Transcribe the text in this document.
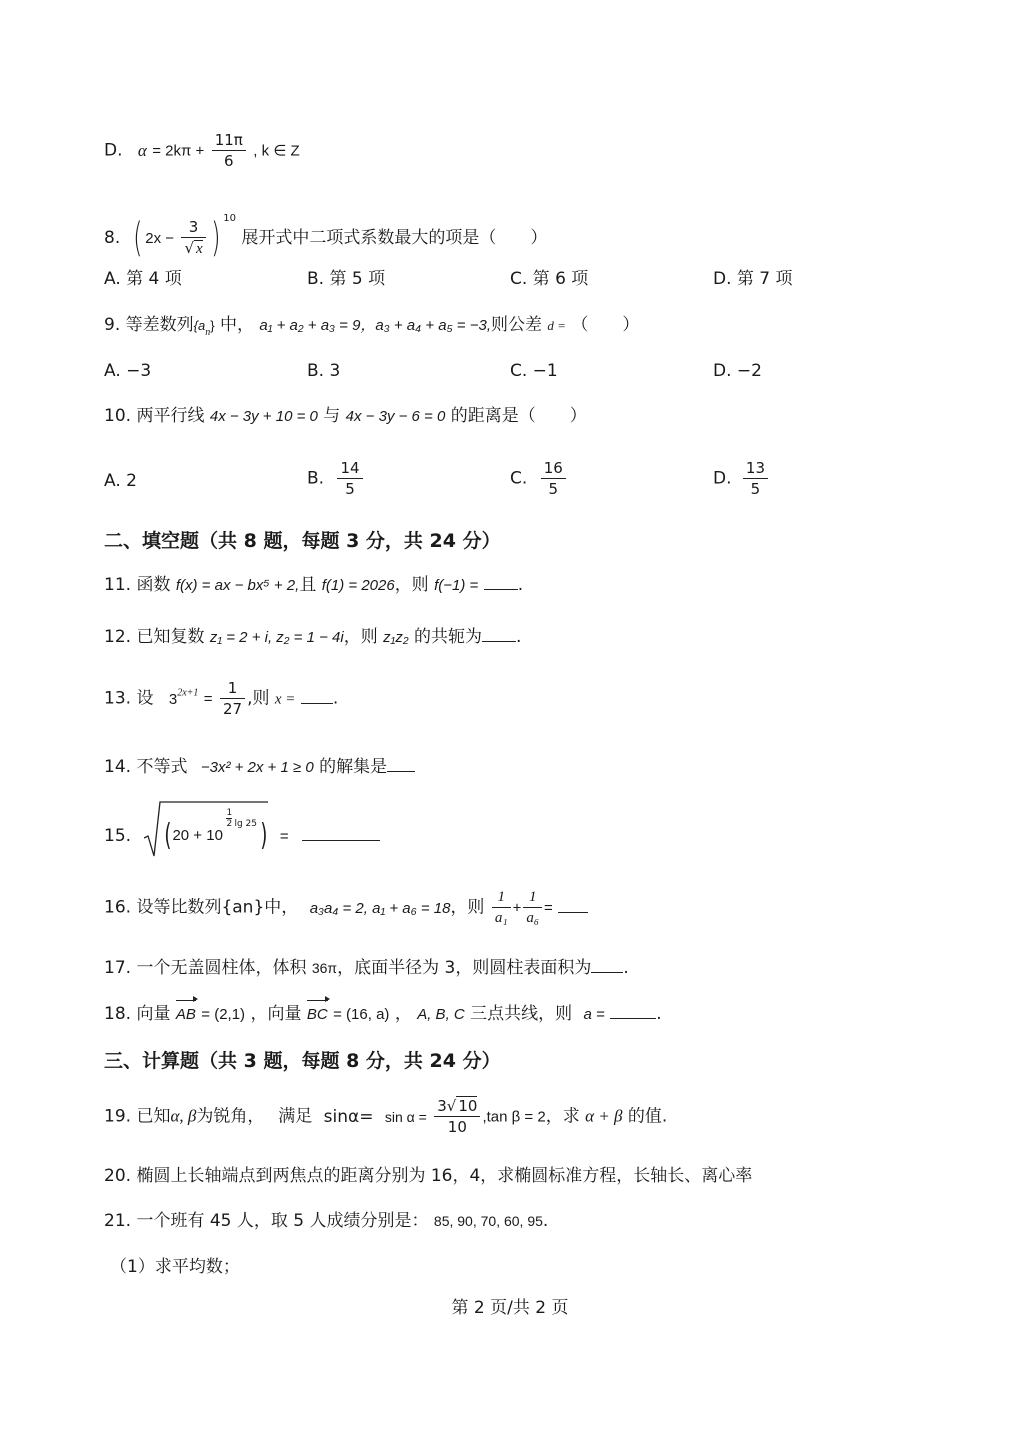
D. $\alpha = 2k\pi + \frac{11\pi}{6}$ , k ∈ Z
8. ( $2x - \frac{3}{√ x}$ ) $^{10}$ 展开式中二项式系数最大的项是（　　）
A. 第 4 项	B. 第 5 项	C. 第 6 项	D. 第 7 项
9. 等差数列$\{a_n\}$ 中， a₁ + a₂ + a₃ = 9，a₃ + a₄ + a₅ = −3,则公差 d = （　　）
A. −3	B. 3	C. −1	D. −2
10. 两平行线 4x − 3y + 10 = 0 与 4x − 3y − 6 = 0 的距离是（　　）
A. 2	B. $\frac{14}{5}$	C. $\frac{16}{5}$	D. $\frac{13}{5}$
二、填空题（共 8 题，每题 3 分，共 24 分）
11. 函数 f(x) = ax − bx⁵ + 2,且 f(1) = 2026，则 f(−1) = .
12. 已知复数 z₁ = 2 + i, z₂ = 1 − 4i，则 z₁z₂ 的共轭为 .
13. 设 $3^{2x+1} = \frac{1}{27}$ ,则 x = .
14. 不等式 −3x² + 2x + 1 ≥ 0 的解集是
15. ( 20 + 10
1
2 lg 25 ) =
16. 设等比数列{an}中， a₃a₄ = 2, a₁ + a₆ = 18，则 $\frac{1}{\text{a₁}} + \frac{1}{\text{a₆}}$ =
17. 一个无盖圆柱体，体积 36π，底面半径为 3，则圆柱表面积为 .
18. 向量 AB = (2,1) ，向量 BC = (16, a) ， A, B, C 三点共线，则 a =	.
三、计算题（共 3 题，每题 8 分，共 24 分）
19. 已知α, β为锐角，　 满足 $\sin\alpha= \sin \alpha = \frac{3√ 10}{10} ,\tan$ β = 2，求 α + β 的值.
20. 椭圆上长轴端点到两焦点的距离分别为 16，4，求椭圆标准方程，长轴长、离心率
21. 一个班有 45 人，取 5 人成绩分别是： 85, 90, 70, 60, 95.
（1）求平均数；
第 2 页/共 2 页
